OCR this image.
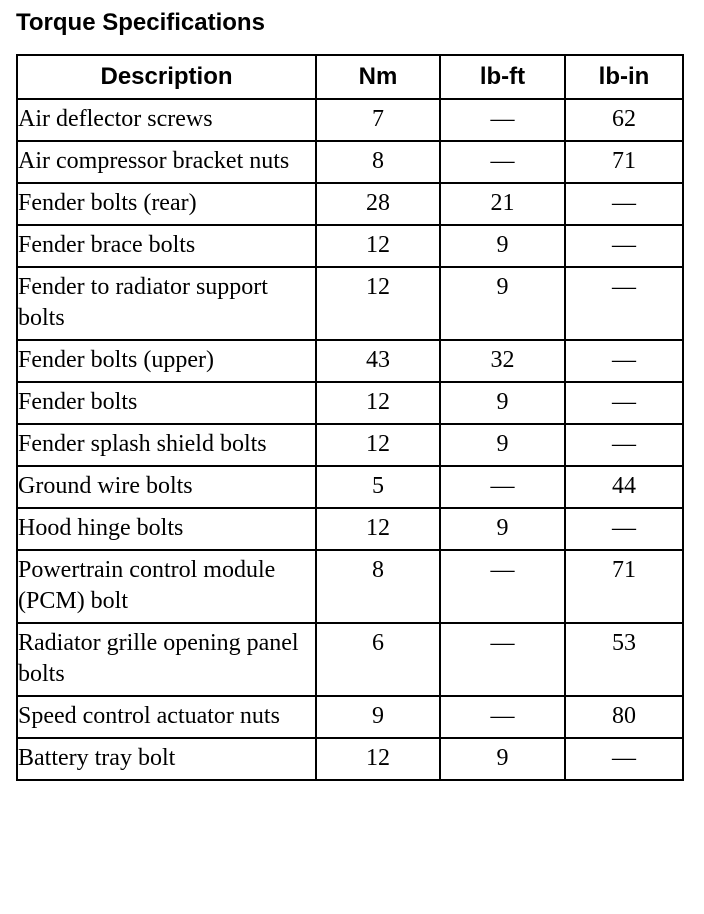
Torque Specifications
Description	Nm	lb-ft	lb-in
Air deflector screws	7	—	62
Air compressor bracket nuts	8	—	71
Fender bolts (rear)	28	21	—
Fender brace bolts	12	9	—
Fender to radiator support bolts	12	9	—
Fender bolts (upper)	43	32	—
Fender bolts	12	9	—
Fender splash shield bolts	12	9	—
Ground wire bolts	5	—	44
Hood hinge bolts	12	9	—
Powertrain control module (PCM) bolt	8	—	71
Radiator grille opening panel bolts	6	—	53
Speed control actuator nuts	9	—	80
Battery tray bolt	12	9	—
